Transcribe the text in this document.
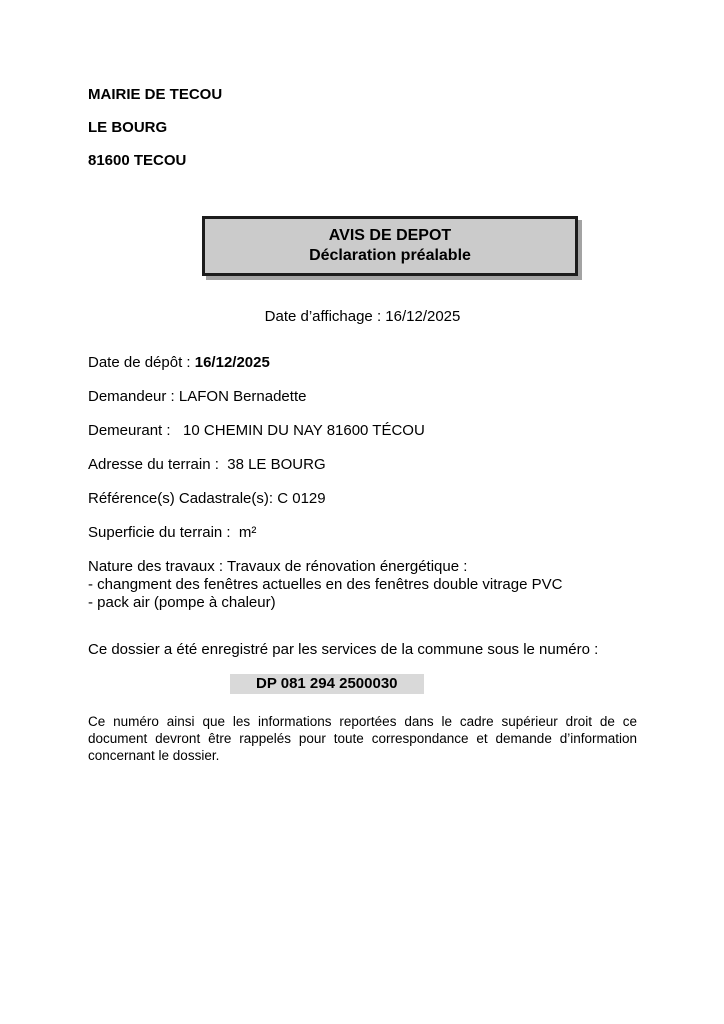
MAIRIE DE TECOU

LE BOURG

81600 TECOU

AVIS DE DEPOT
Déclaration préalable

Date d’affichage : 16/12/2025

Date de dépôt : 16/12/2025

Demandeur : LAFON Bernadette

Demeurant :   10 CHEMIN DU NAY 81600 TÉCOU

Adresse du terrain :  38 LE BOURG

Référence(s) Cadastrale(s): C 0129

Superficie du terrain :  m²

Nature des travaux : Travaux de rénovation énergétique :

- changment des fenêtres actuelles en des fenêtres double vitrage PVC

- pack air (pompe à chaleur)

Ce dossier a été enregistré par les services de la commune sous le numéro :

DP 081 294 2500030

Ce numéro ainsi que les informations reportées dans le cadre supérieur droit de ce document devront être rappelés pour toute correspondance et demande d’information concernant le dossier.
